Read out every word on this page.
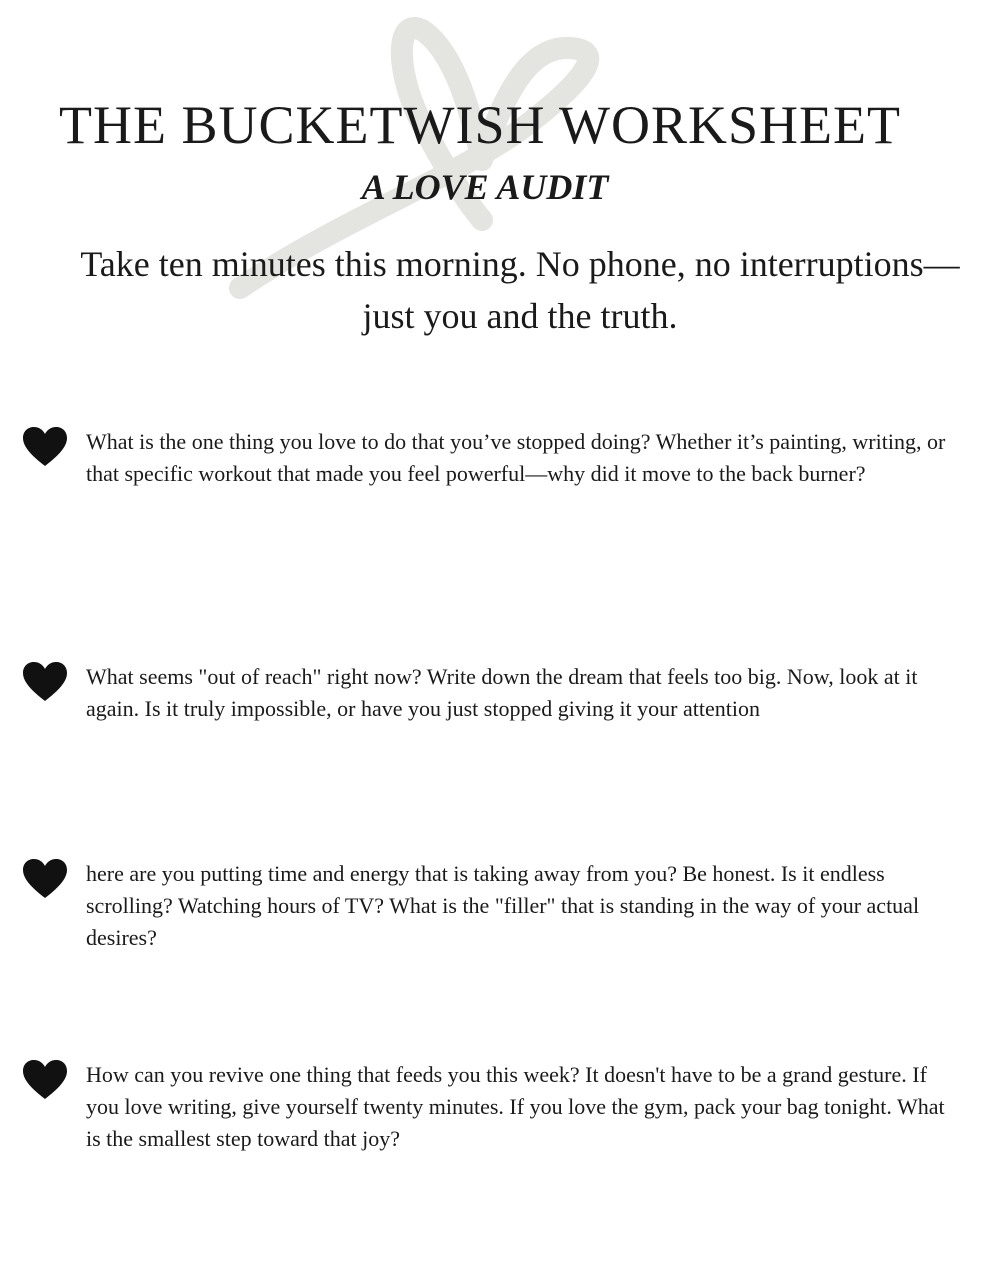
THE BUCKETWISH WORKSHEET
A LOVE AUDIT
Take ten minutes this morning. No phone, no interruptions—
just you and the truth.

What is the one thing you love to do that you’ve stopped doing? Whether it’s painting, writing, or that specific workout that made you feel powerful—why did it move to the back burner?

What seems "out of reach" right now? Write down the dream that feels too big. Now, look at it again. Is it truly impossible, or have you just stopped giving it your attention

here are you putting time and energy that is taking away from you? Be honest. Is it endless scrolling? Watching hours of TV? What is the "filler" that is standing in the way of your actual desires?

How can you revive one thing that feeds you this week? It doesn't have to be a grand gesture. If you love writing, give yourself twenty minutes. If you love the gym, pack your bag tonight. What is the smallest step toward that joy?
